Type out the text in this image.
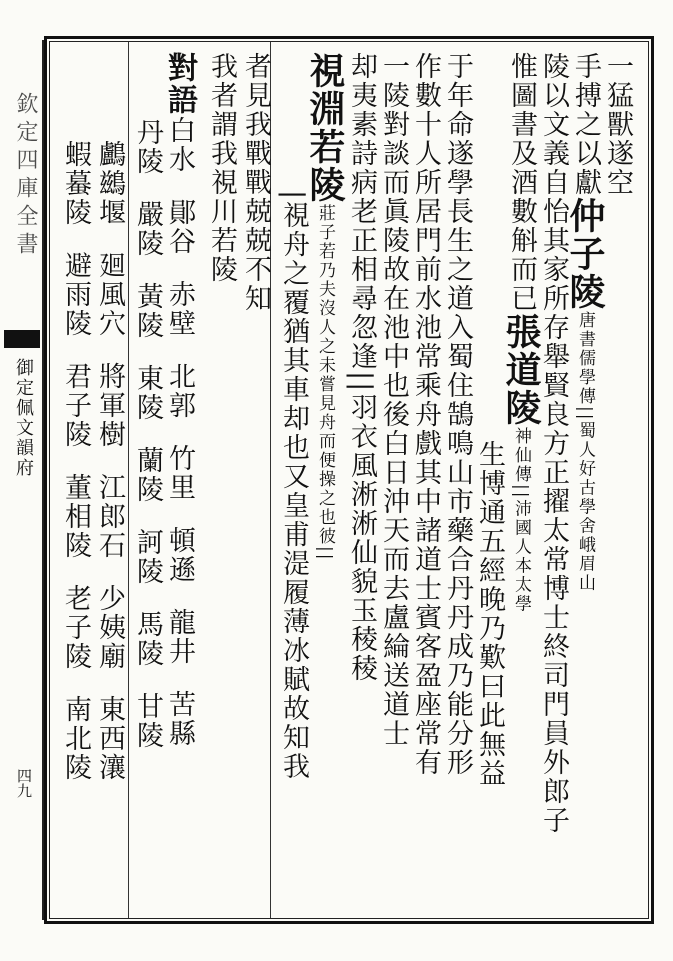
欽定四庫全書
御定佩文韻府
四九
一猛獸遂空
手搏之以獻仲子陵唐書儒學傳||蜀人好古學舍峨眉山
陵以文義自怡其家所存舉賢良方正擢太常博士終司門員外郎子
惟圖書及酒數斛而已張道陵神仙傳||沛國人本太學
生博通五經晚乃歎曰此無益
于年命遂學長生之道入蜀住鵠鳴山市藥合丹丹成乃能分形
作數十人所居門前水池常乘舟戲其中諸道士賓客盈座常有
一陵對談而眞陵故在池中也後白日沖天而去盧綸送道士
却夷素詩病老正相尋忽逢||羽衣風淅淅仙貌玉稜稜
視淵若陵莊子若乃夫沒人之未嘗見舟而便操之也彼||
|視舟之覆猶其車却也又皇甫湜履薄冰賦故知我
者見我戰戰兢兢不知
我者謂我視川若陵
對語白水鄖谷赤壁北郭竹里頓遜龍井苦縣
丹陵嚴陵黃陵東陵蘭陵訶陵馬陵甘陵
鸕鷀堰廻風穴將軍樹江郎石少姨廟東西瀼
蝦蟇陵避雨陵君子陵董相陵老子陵南北陵
